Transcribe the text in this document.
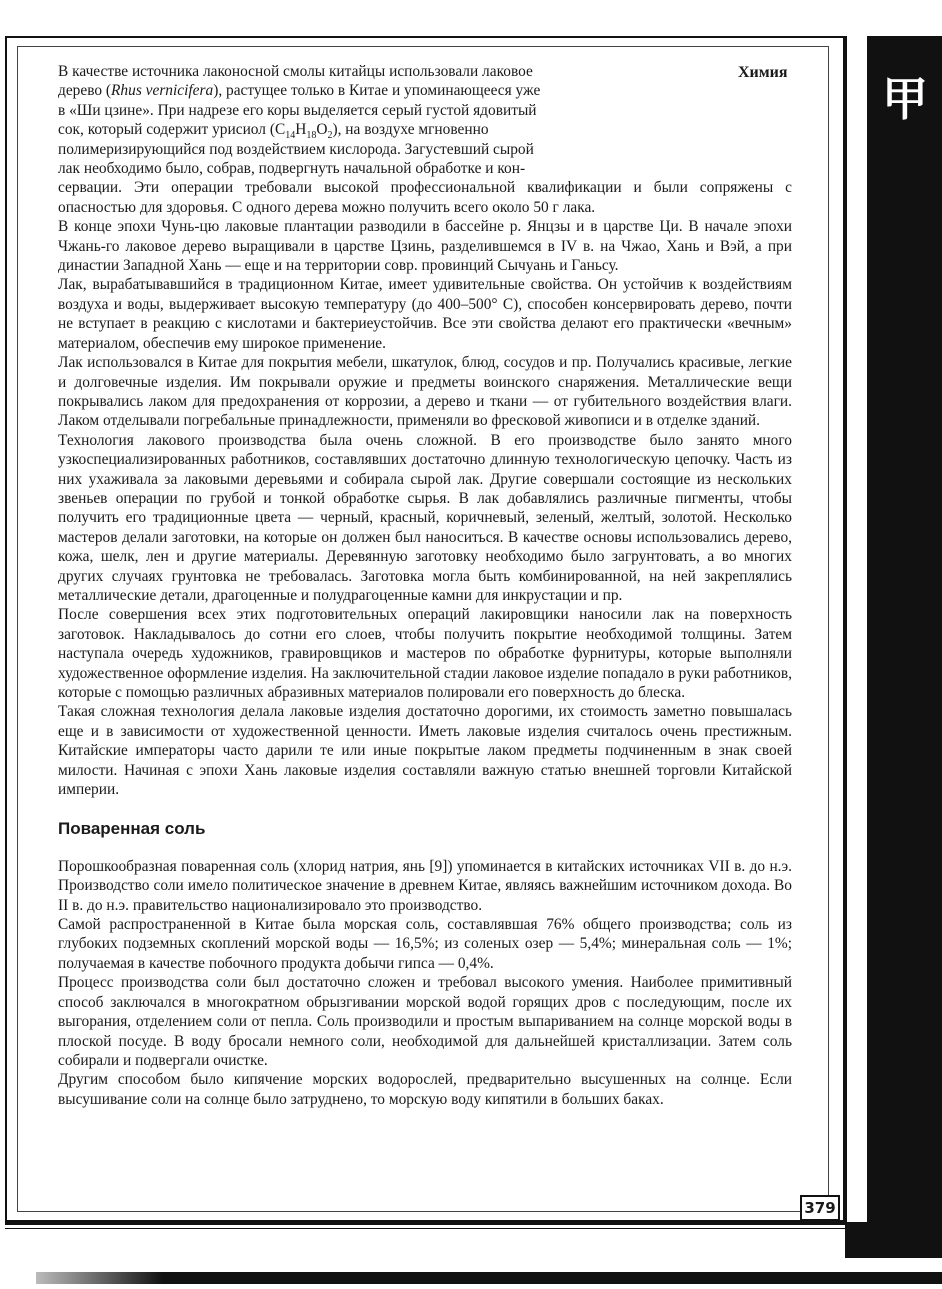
甲
Химия
В качестве источника лаконосной смолы китайцы использовали лаковое
дерево (Rhus vernicifera), растущее только в Китае и упоминающееся уже
в «Ши цзине». При надрезе его коры выделяется серый густой ядовитый
сок, который содержит урисиол $(C_{14}H_{18}O_2)$, на воздухе мгновенно
полимеризирующийся под воздействием кислорода. Загустевший сырой
лак необходимо было, собрав, подвергнуть начальной обработке и кон-

сервации. Эти операции требовали высокой профессиональной квалификации и были сопряжены с опасностью для здоровья. С одного дерева можно получить всего около 50 г лака.

В конце эпохи Чунь-цю лаковые плантации разводили в бассейне р. Янцзы и в царстве Ци. В начале эпохи Чжань-го лаковое дерево выращивали в царстве Цзинь, разделившемся в IV в. на Чжао, Хань и Вэй, а при династии Западной Хань — еще и на территории совр. провинций Сычуань и Ганьсу.

Лак, вырабатывавшийся в традиционном Китае, имеет удивительные свойства. Он устойчив к воздействиям воздуха и воды, выдерживает высокую температуру (до 400–500° С), способен консервировать дерево, почти не вступает в реакцию с кислотами и бактериеустойчив. Все эти свойства делают его практически «вечным» материалом, обеспечив ему широкое применение.

Лак использовался в Китае для покрытия мебели, шкатулок, блюд, сосудов и пр. Получались красивые, легкие и долговечные изделия. Им покрывали оружие и предметы воинского снаряжения. Металлические вещи покрывались лаком для предохранения от коррозии, а дерево и ткани — от губительного воздействия влаги. Лаком отделывали погребальные принадлежности, применяли во фресковой живописи и в отделке зданий.

Технология лакового производства была очень сложной. В его производстве было занято много узкоспециализированных работников, составлявших достаточно длинную технологическую цепочку. Часть из них ухаживала за лаковыми деревьями и собирала сырой лак. Другие совершали состоящие из нескольких звеньев операции по грубой и тонкой обработке сырья. В лак добавлялись различные пигменты, чтобы получить его традиционные цвета — черный, красный, коричневый, зеленый, желтый, золотой. Несколько мастеров делали заготовки, на которые он должен был наноситься. В качестве основы использовались дерево, кожа, шелк, лен и другие материалы. Деревянную заготовку необходимо было загрунтовать, а во многих других случаях грунтовка не требовалась. Заготовка могла быть комбинированной, на ней закреплялись металлические детали, драгоценные и полудрагоценные камни для инкрустации и пр.

После совершения всех этих подготовительных операций лакировщики наносили лак на поверхность заготовок. Накладывалось до сотни его слоев, чтобы получить покрытие необходимой толщины. Затем наступала очередь художников, гравировщиков и мастеров по обработке фурнитуры, которые выполняли художественное оформление изделия. На заключительной стадии лаковое изделие попадало в руки работников, которые с помощью различных абразивных материалов полировали его поверхность до блеска.

Такая сложная технология делала лаковые изделия достаточно дорогими, их стоимость заметно повышалась еще и в зависимости от художественной ценности. Иметь лаковые изделия считалось очень престижным. Китайские императоры часто дарили те или иные покрытые лаком предметы подчиненным в знак своей милости. Начиная с эпохи Хань лаковые изделия составляли важную статью внешней торговли Китайской империи.

Поваренная соль

Порошкообразная поваренная соль (хлорид натрия, янь [9]) упоминается в китайских источниках VII в. до н.э. Производство соли имело политическое значение в древнем Китае, являясь важнейшим источником дохода. Во II в. до н.э. правительство национализировало это производство.

Самой распространенной в Китае была морская соль, составлявшая 76% общего производства; соль из глубоких подземных скоплений морской воды — 16,5%; из соленых озер — 5,4%; минеральная соль — 1%; получаемая в качестве побочного продукта добычи гипса — 0,4%.

Процесс производства соли был достаточно сложен и требовал высокого умения. Наиболее примитивный способ заключался в многократном обрызгивании морской водой горящих дров с последующим, после их выгорания, отделением соли от пепла. Соль производили и простым выпариванием на солнце морской воды в плоской посуде. В воду бросали немного соли, необходимой для дальнейшей кристаллизации. Затем соль собирали и подвергали очистке.

Другим способом было кипячение морских водорослей, предварительно высушенных на солнце. Если высушивание соли на солнце было затруднено, то морскую воду кипятили в больших баках.

379
